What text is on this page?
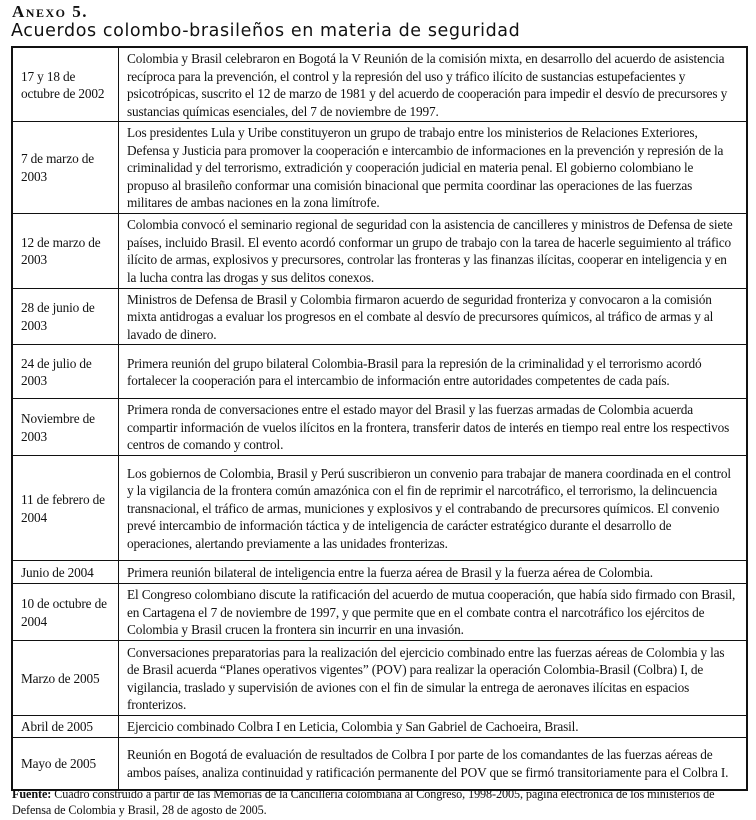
Anexo 5.
Acuerdos colombo-brasileños en materia de seguridad
17 y 18 de octubre de 2002	Colombia y Brasil celebraron en Bogotá la V Reunión de la comisión mixta, en desarrollo del acuerdo de asistencia recíproca para la prevención, el control y la represión del uso y tráfico ilícito de sustancias estupefacientes y psicotrópicas, suscrito el 12 de marzo de 1981 y del acuerdo de cooperación para impedir el desvío de precursores y sustancias químicas esenciales, del 7 de noviembre de 1997.
7 de marzo de 2003	Los presidentes Lula y Uribe constituyeron un grupo de trabajo entre los ministerios de Relaciones Exteriores, Defensa y Justicia para promover la cooperación e intercambio de informaciones en la prevención y represión de la criminalidad y del terrorismo, extradición y cooperación judicial en materia penal. El gobierno colombiano le propuso al brasileño conformar una comisión binacional que permita coordinar las operaciones de las fuerzas militares de ambas naciones en la zona limítrofe.
12 de marzo de 2003	Colombia convocó el seminario regional de seguridad con la asistencia de cancilleres y ministros de Defensa de siete países, incluido Brasil. El evento acordó conformar un grupo de trabajo con la tarea de hacerle seguimiento al tráfico ilícito de armas, explosivos y precursores, controlar las fronteras y las finanzas ilícitas, cooperar en inteligencia y en la lucha contra las drogas y sus delitos conexos.
28 de junio de 2003	Ministros de Defensa de Brasil y Colombia firmaron acuerdo de seguridad fronteriza y convocaron a la comisión mixta antidrogas a evaluar los progresos en el combate al desvío de precursores químicos, al tráfico de armas y al lavado de dinero.
24 de julio de 2003	Primera reunión del grupo bilateral Colombia-Brasil para la represión de la criminalidad y el terrorismo acordó fortalecer la cooperación para el intercambio de información entre autoridades competentes de cada país.
Noviembre de 2003	Primera ronda de conversaciones entre el estado mayor del Brasil y las fuerzas armadas de Colombia acuerda compartir información de vuelos ilícitos en la frontera, transferir datos de interés en tiempo real entre los respectivos centros de comando y control.
11 de febrero de 2004	Los gobiernos de Colombia, Brasil y Perú suscribieron un convenio para trabajar de manera coordinada en el control y la vigilancia de la frontera común amazónica con el fin de reprimir el narcotráfico, el terrorismo, la delincuencia transnacional, el tráfico de armas, municiones y explosivos y el contrabando de precursores químicos. El convenio prevé intercambio de información táctica y de inteligencia de carácter estratégico durante el desarrollo de operaciones, alertando previamente a las unidades fronterizas.
Junio de 2004	Primera reunión bilateral de inteligencia entre la fuerza aérea de Brasil y la fuerza aérea de Colombia.
10 de octubre de 2004	El Congreso colombiano discute la ratificación del acuerdo de mutua cooperación, que había sido firmado con Brasil, en Cartagena el 7 de noviembre de 1997, y que permite que en el combate contra el narcotráfico los ejércitos de Colombia y Brasil crucen la frontera sin incurrir en una invasión.
Marzo de 2005	Conversaciones preparatorias para la realización del ejercicio combinado entre las fuerzas aéreas de Colombia y las de Brasil acuerda “Planes operativos vigentes” (POV) para realizar la operación Colombia-Brasil (Colbra) I, de vigilancia, traslado y supervisión de aviones con el fin de simular la entrega de aeronaves ilícitas en espacios fronterizos.
Abril de 2005	Ejercicio combinado Colbra I en Leticia, Colombia y San Gabriel de Cachoeira, Brasil.
Mayo de 2005	Reunión en Bogotá de evaluación de resultados de Colbra I por parte de los comandantes de las fuerzas aéreas de ambos países, analiza continuidad y ratificación permanente del POV que se firmó transitoriamente para el Colbra I.
Fuente: Cuadro construido a partir de las Memorias de la Cancillería colombiana al Congreso, 1998-2005, página electrónica de los ministerios de Defensa de Colombia y Brasil, 28 de agosto de 2005.
